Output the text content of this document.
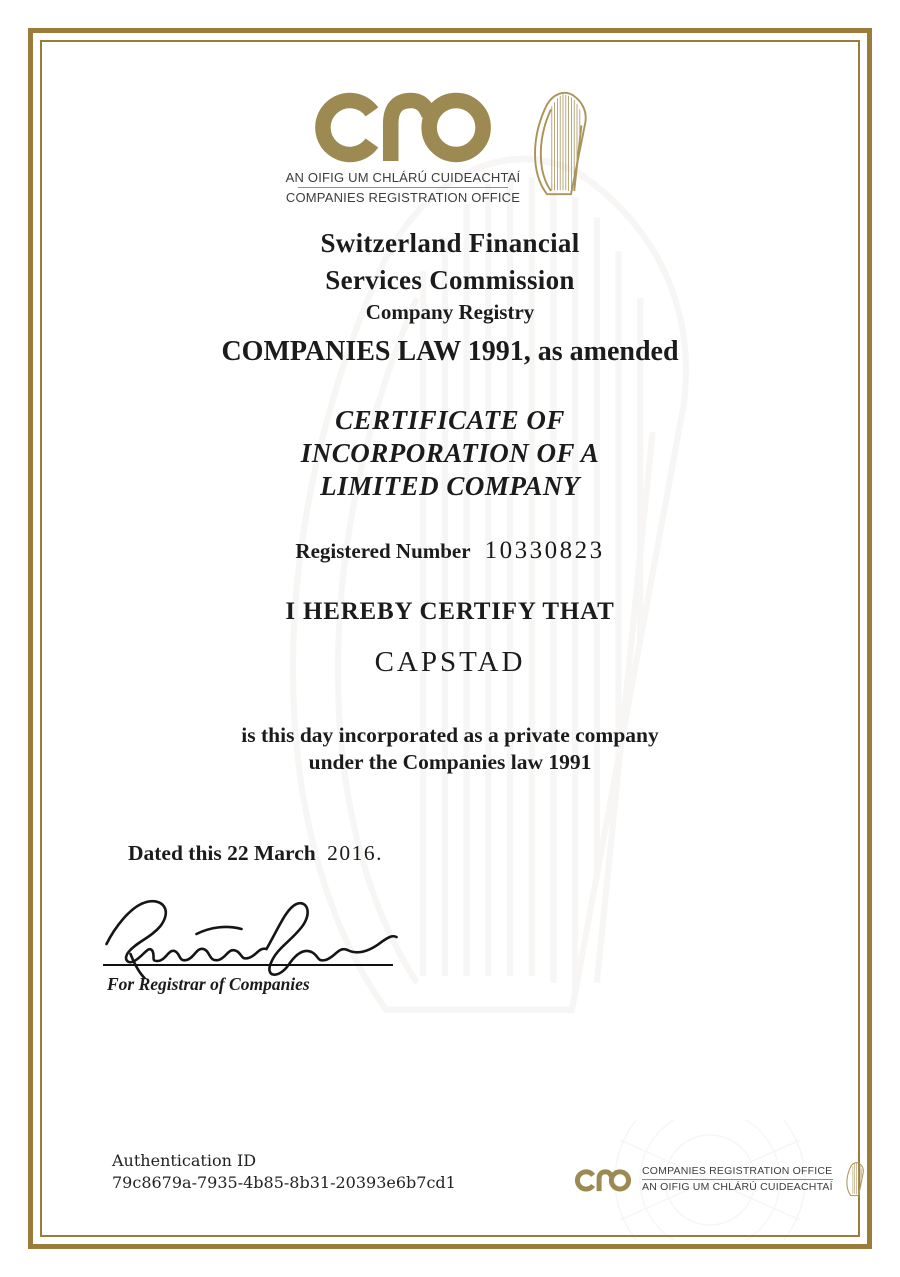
AN OIFIG UM CHLÁRÚ CUIDEACHTAÍ
COMPANIES REGISTRATION OFFICE
Switzerland Financial
Services Commission
Company Registry
COMPANIES LAW 1991, as amended
CERTIFICATE OF
INCORPORATION OF A
LIMITED COMPANY
Registered Number 10330823
I HEREBY CERTIFY THAT
CAPSTAD
is this day incorporated as a private company
under the Companies law 1991
Dated this 22 March 2016.
For Registrar of Companies
Authentication ID
79c8679a-7935-4b85-8b31-20393e6b7cd1
COMPANIES REGISTRATION OFFICE
AN OIFIG UM CHLÁRÚ CUIDEACHTAÍ
